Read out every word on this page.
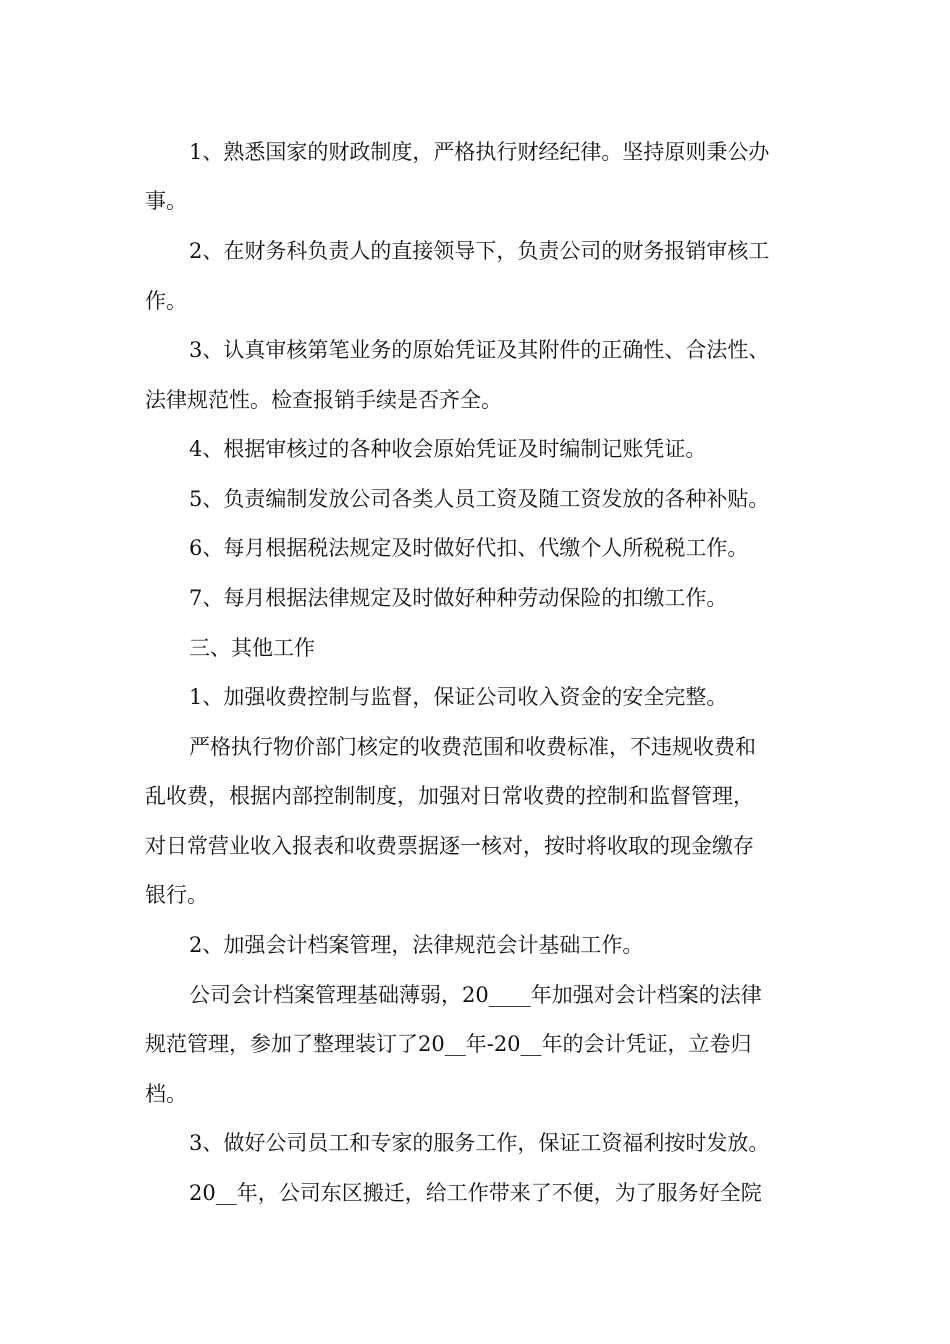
1、熟悉国家的财政制度，严格执行财经纪律。坚持原则秉公办
事。
2、在财务科负责人的直接领导下，负责公司的财务报销审核工
作。
3、认真审核第笔业务的原始凭证及其附件的正确性、合法性、
法律规范性。检查报销手续是否齐全。
4、根据审核过的各种收会原始凭证及时编制记账凭证。
5、负责编制发放公司各类人员工资及随工资发放的各种补贴。
6、每月根据税法规定及时做好代扣、代缴个人所税税工作。
7、每月根据法律规定及时做好种种劳动保险的扣缴工作。
三、其他工作
1、加强收费控制与监督，保证公司收入资金的安全完整。
严格执行物价部门核定的收费范围和收费标准，不违规收费和
乱收费，根据内部控制制度，加强对日常收费的控制和监督管理，
对日常营业收入报表和收费票据逐一核对，按时将收取的现金缴存
银行。
2、加强会计档案管理，法律规范会计基础工作。
公司会计档案管理基础薄弱，20____年加强对会计档案的法律
规范管理，参加了整理装订了20__年-20__年的会计凭证，立卷归
档。
3、做好公司员工和专家的服务工作，保证工资福利按时发放。
20__年，公司东区搬迁，给工作带来了不便，为了服务好全院
